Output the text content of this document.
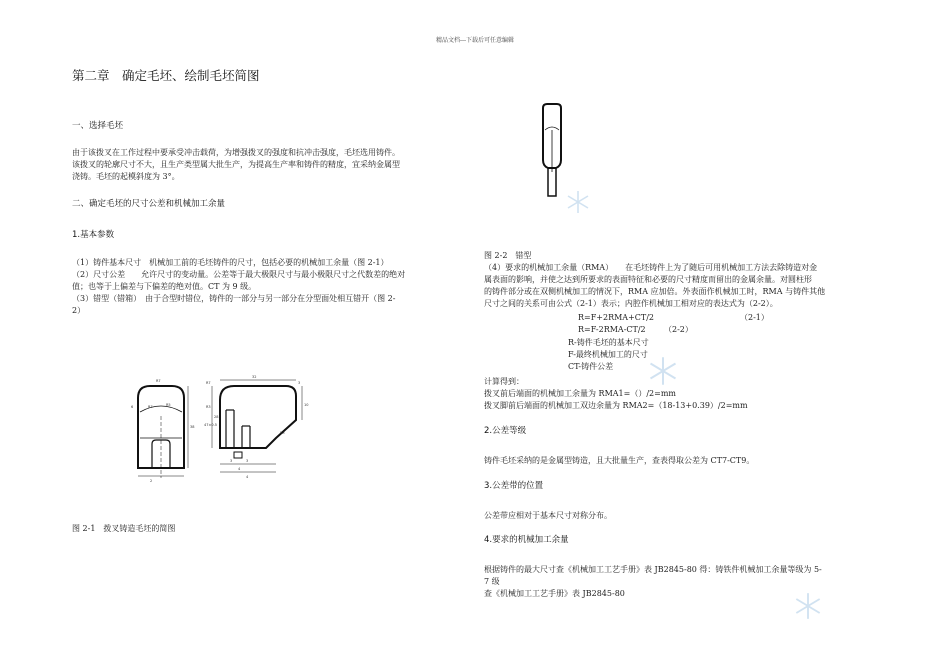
精品文档---下载后可任意编辑
第二章　确定毛坯、绘制毛坯简图
一、选择毛坯
由于该拨叉在工作过程中要承受冲击载荷，为增强拨叉的强度和抗冲击强度，毛坯选用铸件。
该拨叉的轮廓尺寸不大，且生产类型属大批生产，为提高生产率和铸件的精度，宜采纳金属型
浇铸。毛坯的起模斜度为 3°。
二、确定毛坯的尺寸公差和机械加工余量
1.基本参数
（1）铸件基本尺寸　机械加工前的毛坯铸件的尺寸，包括必要的机械加工余量（图 2-1）
（2）尺寸公差　　允许尺寸的变动量。公差等于最大极限尺寸与最小极限尺寸之代数差的绝对
值；也等于上偏差与下偏差的绝对值。CT 为 9 级。
（3）错型（错箱）　由于合型时错位，铸件的一部分与另一部分在分型面处相互错开（图 2-
2）
R7
6	R7
38
R5
2
R7
32
3
10
R3
47±0.5
28
R3
3	3
4
4
图 2-1　拨叉铸造毛坯的简图
图 2-2　错型
（4）要求的机械加工余量（RMA）　　在毛坯铸件上为了随后可用机械加工方法去除铸造对金
属表面的影响，并使之达到所要求的表面特征和必要的尺寸精度而留出的金属余量。对圆柱形
的铸件部分或在双侧机械加工的情况下，RMA 应加倍。外表面作机械加工时，RMA 与铸件其他
尺寸之间的关系可由公式（2-1）表示；内腔作机械加工相对应的表达式为（2-2）。
R=F+2RMA+CT/2	（2-1）
R=F-2RMA-CT/2 （2-2）
R-铸件毛坯的基本尺寸
F-最终机械加工的尺寸
CT-铸件公差
计算得到：
拨叉前后端面的机械加工余量为 RMA1=（）/2=mm
拨叉脚前后端面的机械加工双边余量为 RMA2=（18-13+0.39）/2=mm
2.公差等级
铸件毛坯采纳的是金属型铸造，且大批量生产，查表得取公差为 CT7-CT9。
3.公差带的位置
公差带应相对于基本尺寸对称分布。
4.要求的机械加工余量
根据铸件的最大尺寸查《机械加工工艺手册》表 JB2845-80 得：铸铁件机械加工余量等级为 5-
7 级
查《机械加工工艺手册》表 JB2845-80
